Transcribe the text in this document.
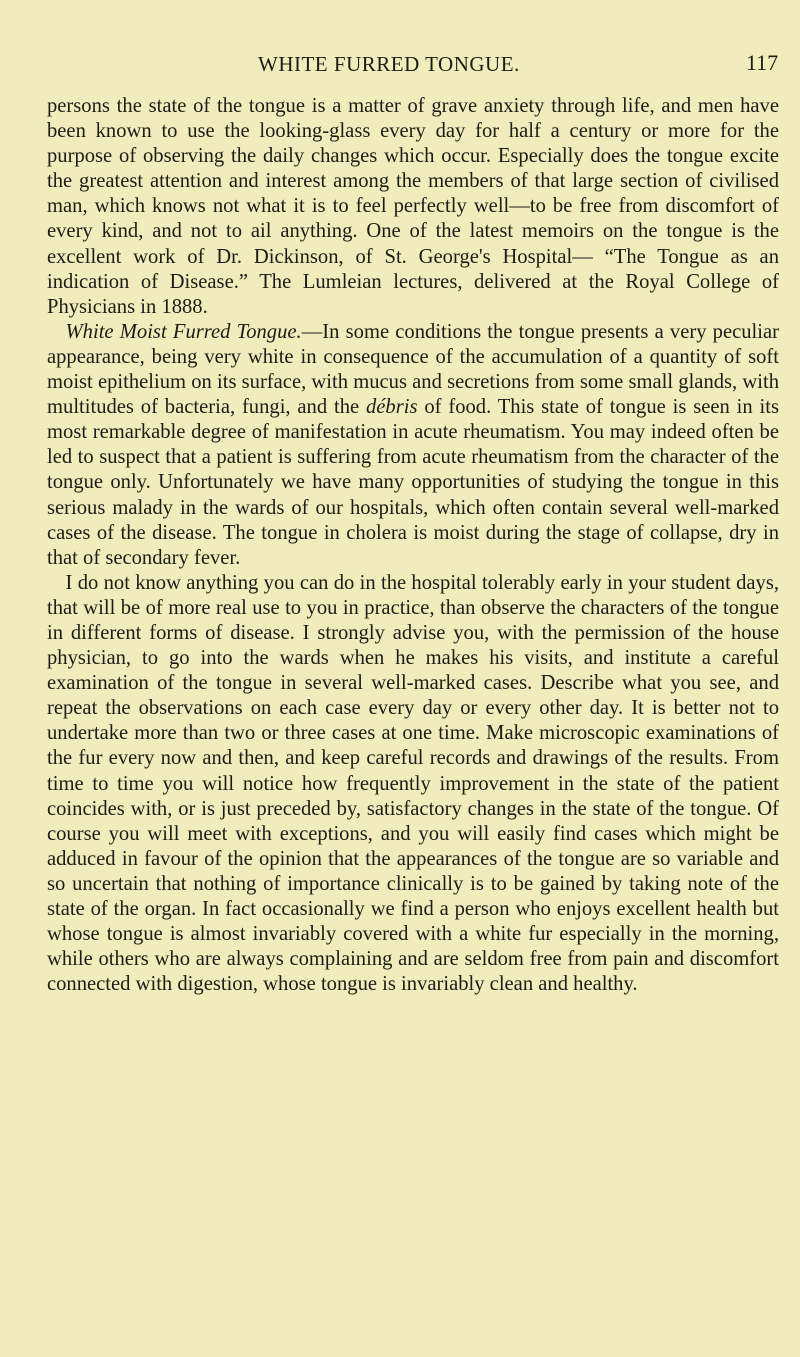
WHITE FURRED TONGUE.	117

persons the state of the tongue is a matter of grave anxiety through life, and men have been known to use the looking-glass every day for half a century or more for the purpose of observing the daily changes which occur. Especially does the tongue excite the greatest attention and interest among the members of that large section of civilised man, which knows not what it is to feel perfectly well—to be free from discomfort of every kind, and not to ail anything. One of the latest memoirs on the tongue is the excellent work of Dr. Dickinson, of St. George's Hospital— “The Tongue as an indication of Disease.” The Lumleian lectures, delivered at the Royal College of Physicians in 1888.

White Moist Furred Tongue.—In some conditions the tongue presents a very peculiar appearance, being very white in consequence of the accumulation of a quantity of soft moist epithelium on its surface, with mucus and secretions from some small glands, with multitudes of bacteria, fungi, and the débris of food. This state of tongue is seen in its most remarkable degree of manifestation in acute rheumatism. You may indeed often be led to suspect that a patient is suffering from acute rheumatism from the character of the tongue only. Unfortunately we have many opportunities of studying the tongue in this serious malady in the wards of our hospitals, which often contain several well-marked cases of the disease. The tongue in cholera is moist during the stage of collapse, dry in that of secondary fever.

I do not know anything you can do in the hospital tolerably early in your student days, that will be of more real use to you in practice, than observe the characters of the tongue in different forms of disease. I strongly advise you, with the permission of the house physician, to go into the wards when he makes his visits, and institute a careful examination of the tongue in several well-marked cases. Describe what you see, and repeat the observations on each case every day or every other day. It is better not to undertake more than two or three cases at one time. Make microscopic examinations of the fur every now and then, and keep careful records and drawings of the results. From time to time you will notice how frequently improvement in the state of the patient coincides with, or is just preceded by, satisfactory changes in the state of the tongue. Of course you will meet with exceptions, and you will easily find cases which might be adduced in favour of the opinion that the appearances of the tongue are so variable and so uncertain that nothing of importance clinically is to be gained by taking note of the state of the organ. In fact occasionally we find a person who enjoys excellent health but whose tongue is almost invariably covered with a white fur especially in the morning, while others who are always complaining and are seldom free from pain and discomfort connected with digestion, whose tongue is invariably clean and healthy.
